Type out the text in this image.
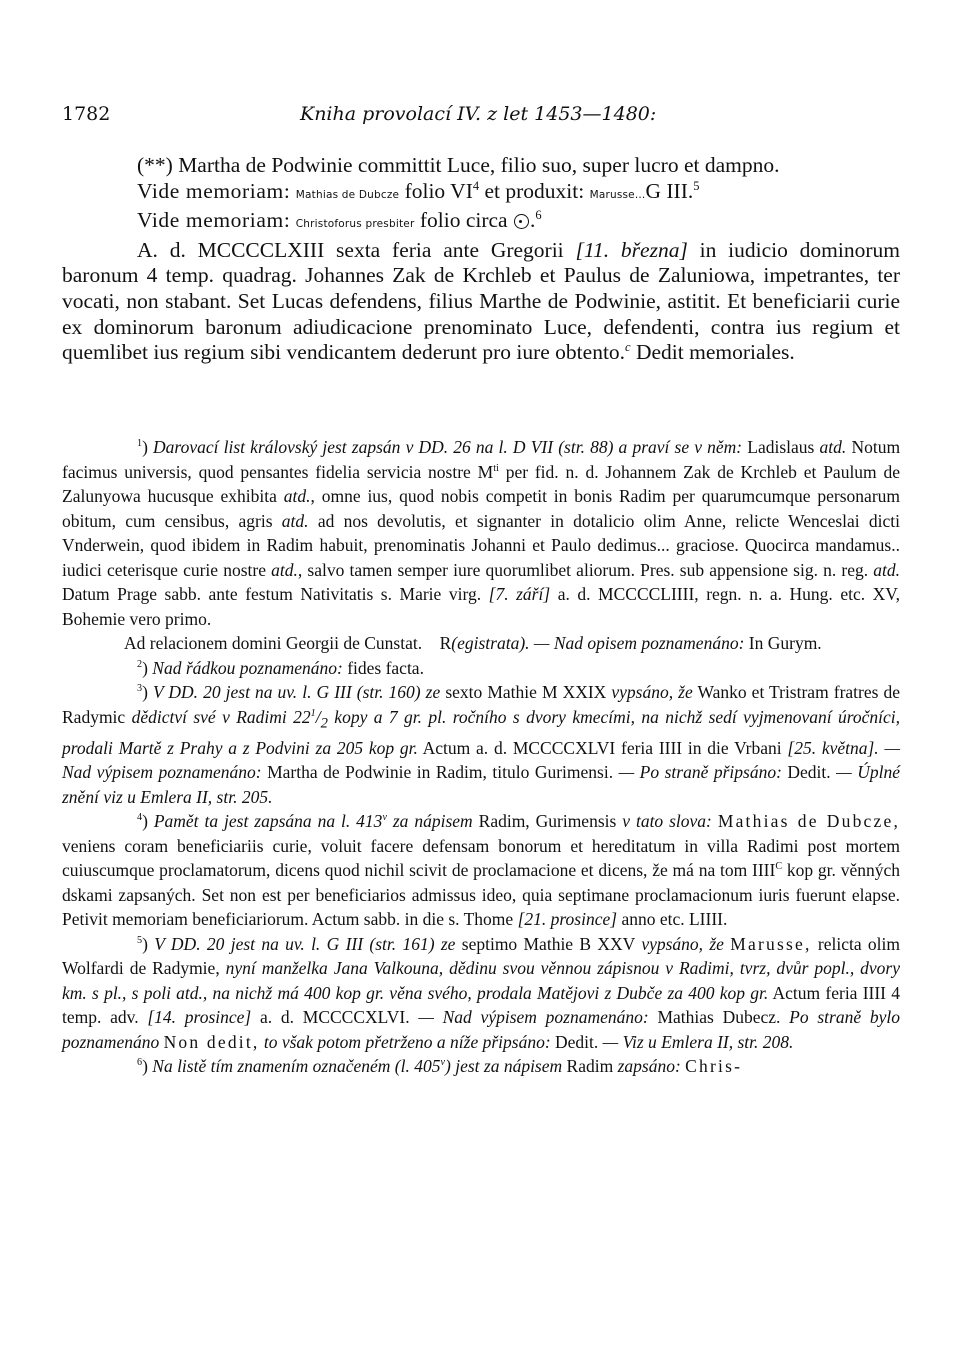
1782	Kniha provolací IV. z let 1453—1480:

(**) Martha de Podwinie committit Luce, filio suo, super lucro et dampno.

Vide memoriam: Mathias de Dubcze folio $VI^4$ et produxit: Marusse...G III.$^5$

Vide memoriam: Christoforus presbiter folio circa .$^6$

A. d. MCCCCLXIII sexta feria ante Gregorii [11. března] in iudicio dominorum baronum 4 temp. quadrag. Johannes Zak de Krchleb et Paulus de Zaluniowa, impetrantes, ter vocati, non stabant. Set Lucas defendens, filius Marthe de Podwinie, astitit. Et beneficiarii curie ex dominorum baronum adiudicacione prenominato Luce, defendenti, contra ius regium et quemlibet ius regium sibi vendicantem dederunt pro iure obtento.$^c$ Dedit memoriales.

$^1$) Darovací list královský jest zapsán v DD. 26 na l. D VII (str. 88) a praví se v něm: Ladislaus atd. Notum facimus universis, quod pensantes fidelia servicia nostre $M^{ti}$ per fid. n. d. Johannem Zak de Krchleb et Paulum de Zalunyowa hucusque exhibita atd., omne ius, quod nobis competit in bonis Radim per quarumcumque personarum obitum, cum censibus, agris atd. ad nos devolutis, et signanter in dotalicio olim Anne, relicte Wenceslai dicti Vnderwein, quod ibidem in Radim habuit, prenominatis Johanni et Paulo dedimus... graciose. Quocirca mandamus.. iudici ceterisque curie nostre atd., salvo tamen semper iure quorumlibet aliorum. Pres. sub appensione sig. n. reg. atd. Datum Prage sabb. ante festum Nativitatis s. Marie virg. [7. září] a. d. MCCCCLIIII, regn. n. a. Hung. etc. XV, Bohemie vero primo.

Ad relacionem domini Georgii de Cunstat. R(egistrata). — Nad opisem poznamenáno: In Gurym.

$^2$) Nad řádkou poznamenáno: fides facta.

$^3$) V DD. 20 jest na uv. l. G III (str. 160) ze sexto Mathie M XXIX vypsáno, že Wanko et Tristram fratres de Radymic dědictví své v Radimi $22^1/_2$ kopy a 7 gr. pl. ročního s dvory kmecími, na nichž sedí vyjmenovaní úročníci, prodali Martě z Prahy a z Podvini za 205 kop gr. Actum a. d. MCCCCXLVI feria IIII in die Vrbani [25. května]. — Nad výpisem poznamenáno: Martha de Podwinie in Radim, titulo Gurimensi. — Po straně připsáno: Dedit. — Úplné znění viz u Emlera II, str. 205.

$^4$) Pamět ta jest zapsána na l. 413$^v$ za nápisem Radim, Gurimensis v tato slova: Mathias de Dubcze, veniens coram beneficiariis curie, voluit facere defensam bonorum et hereditatum in villa Radimi post mortem cuiuscumque proclamatorum, dicens quod nichil scivit de proclamacione et dicens, že má na tom $IIII^C$ kop gr. věnných dskami zapsaných. Set non est per beneficiarios admissus ideo, quia septimane proclamacionum iuris fuerunt elapse. Petivit memoriam beneficiariorum. Actum sabb. in die s. Thome [21. prosince] anno etc. LIIII.

$^5$) V DD. 20 jest na uv. l. G III (str. 161) ze septimo Mathie B XXV vypsáno, že Marusse, relicta olim Wolfardi de Radymie, nyní manželka Jana Valkouna, dědinu svou věnnou zápisnou v Radimi, tvrz, dvůr popl., dvory km. s pl., s poli atd., na nichž má 400 kop gr. věna svého, prodala Matějovi z Dubče za 400 kop gr. Actum feria IIII 4 temp. adv. [14. prosince] a. d. MCCCCXLVI. — Nad výpisem poznamenáno: Mathias Dubecz. Po straně bylo poznamenáno Non dedit, to však potom přetrženo a níže připsáno: Dedit. — Viz u Emlera II, str. 208.

$^6$) Na listě tím znamením označeném (l. 405$^v$) jest za nápisem Radim zapsáno: Chris-
